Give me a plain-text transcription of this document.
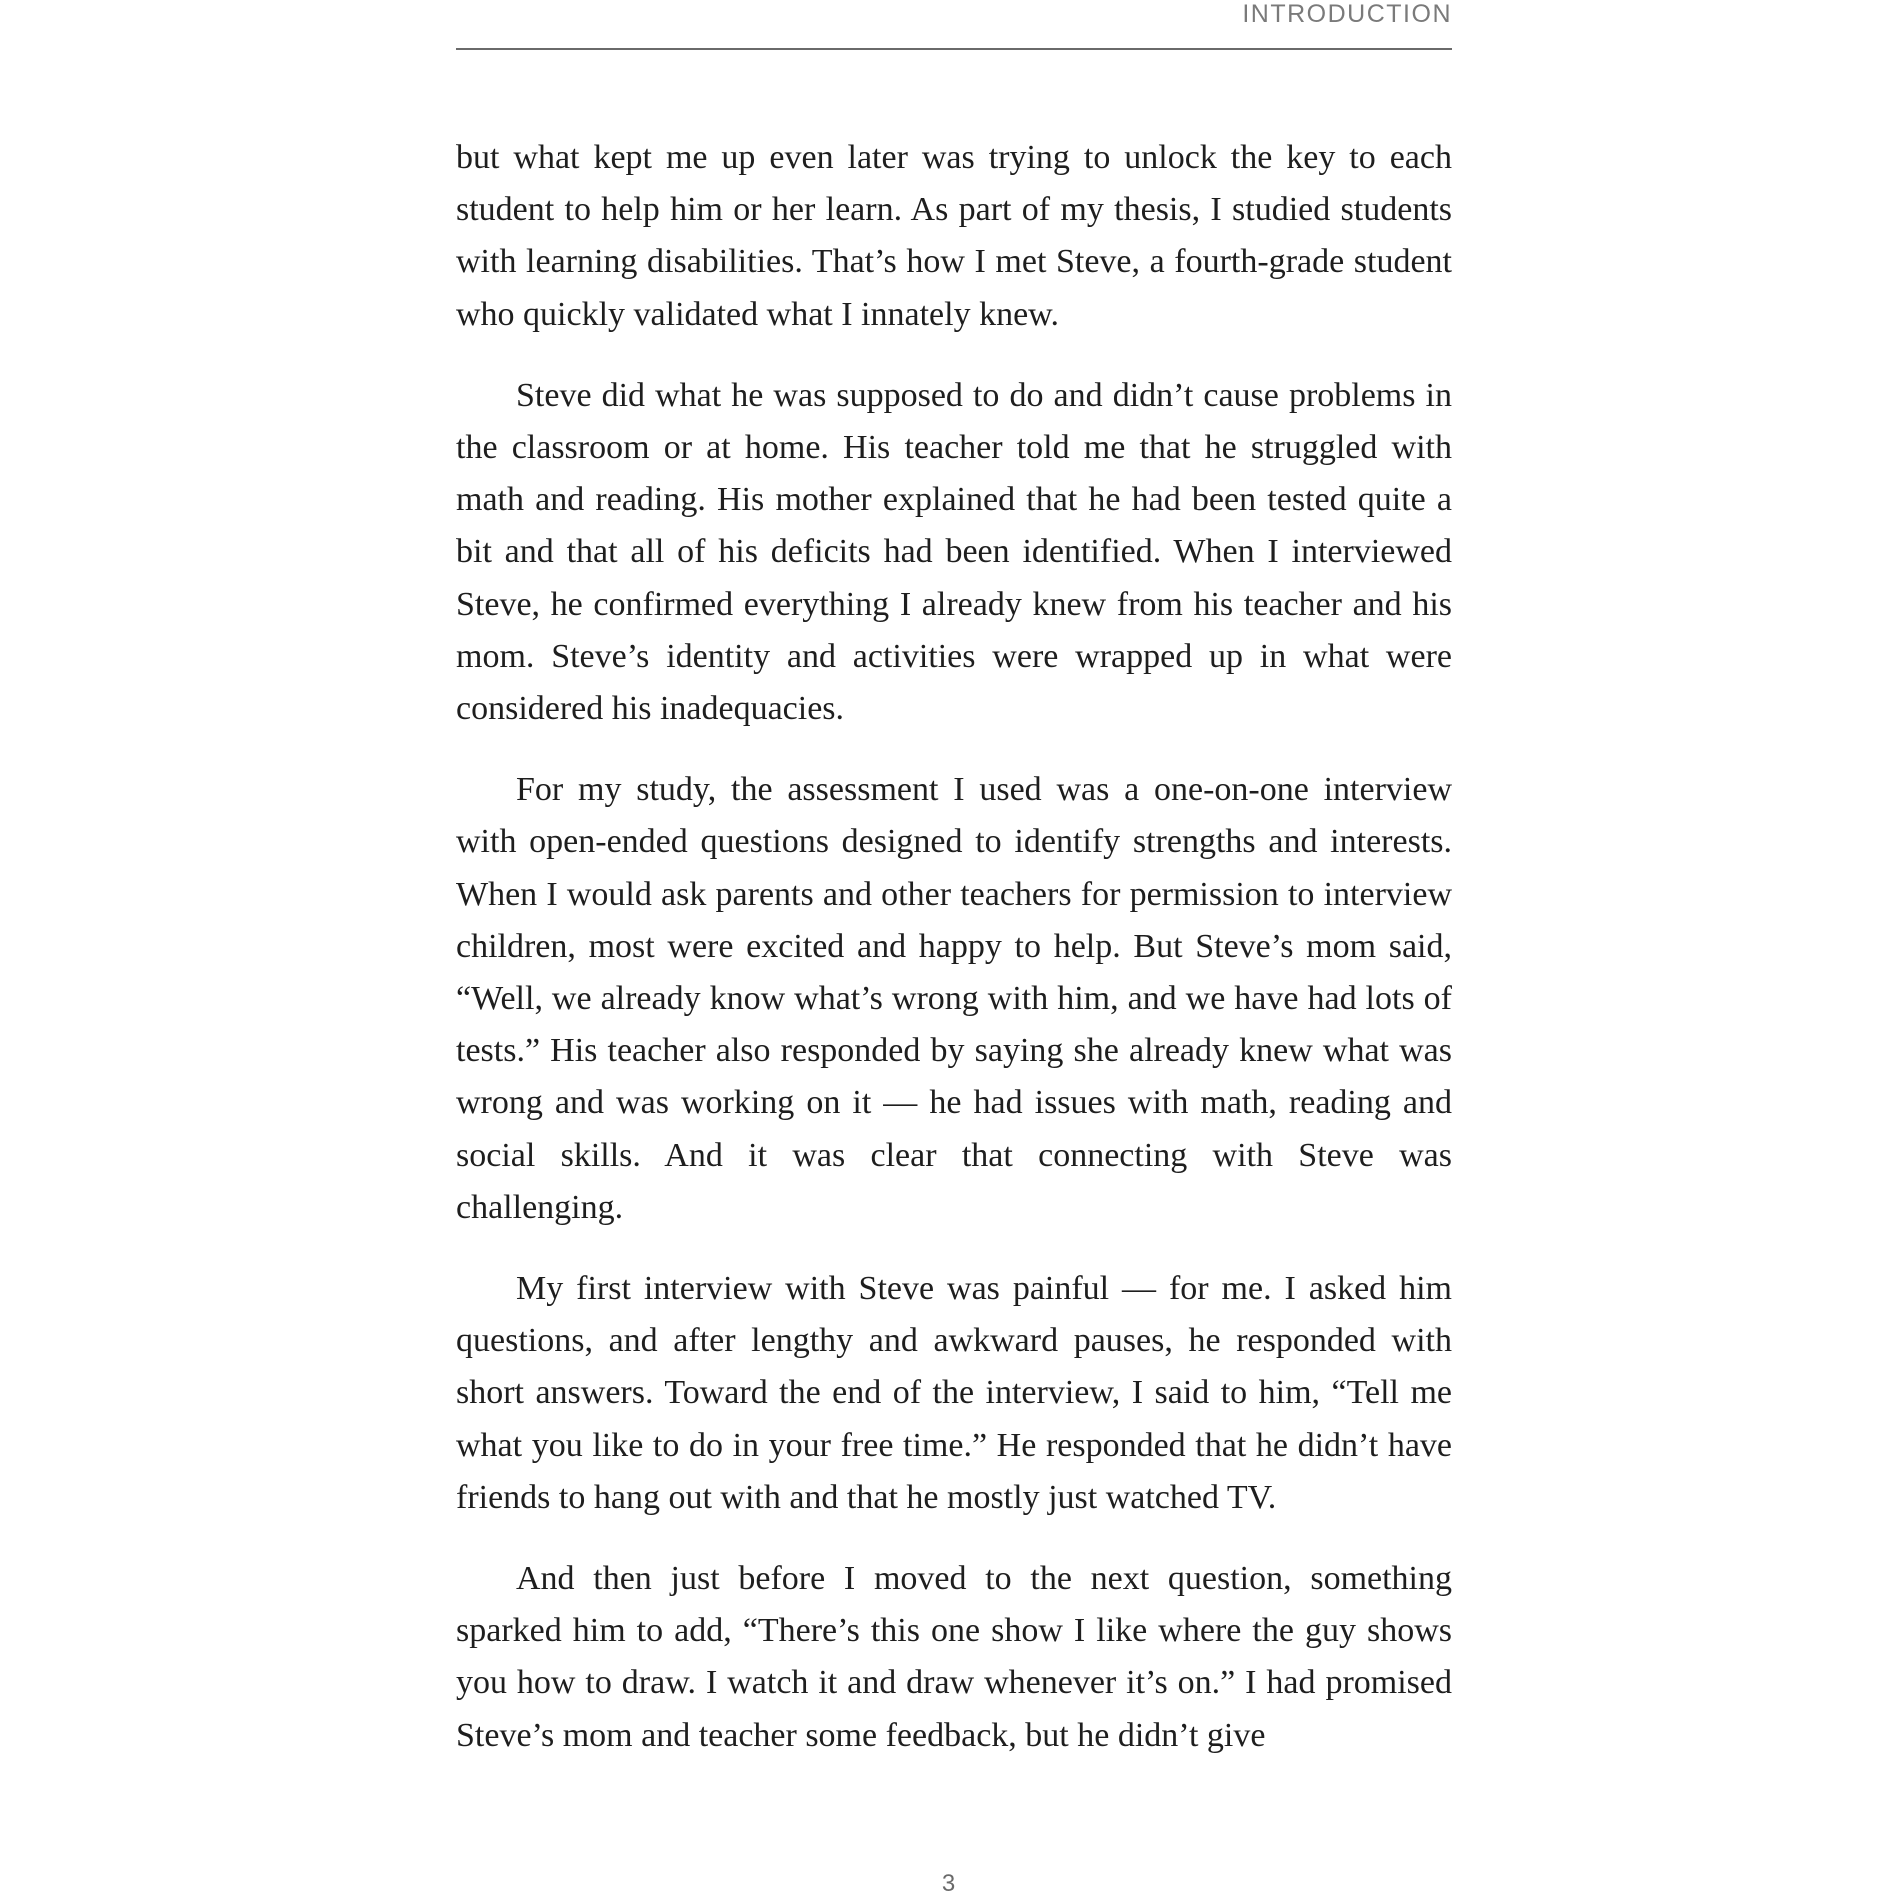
INTRODUCTION

but what kept me up even later was trying to unlock the key to each student to help him or her learn. As part of my thesis, I studied students with learning disabilities. That’s how I met Steve, a fourth-grade student who quickly validated what I innately knew.

Steve did what he was supposed to do and didn’t cause problems in the classroom or at home. His teacher told me that he struggled with math and reading. His mother explained that he had been tested quite a bit and that all of his deficits had been identified. When I interviewed Steve, he confirmed everything I already knew from his teacher and his mom. Steve’s identity and activities were wrapped up in what were considered his inadequacies.

For my study, the assessment I used was a one-on-one interview with open-ended questions designed to identify strengths and interests. When I would ask parents and other teachers for permission to interview children, most were excited and happy to help. But Steve’s mom said, “Well, we already know what’s wrong with him, and we have had lots of tests.” His teacher also responded by saying she already knew what was wrong and was working on it — he had issues with math, reading and social skills. And it was clear that connecting with Steve was challenging.

My first interview with Steve was painful — for me. I asked him questions, and after lengthy and awkward pauses, he responded with short answers. Toward the end of the interview, I said to him, “Tell me what you like to do in your free time.” He responded that he didn’t have friends to hang out with and that he mostly just watched TV.

And then just before I moved to the next question, something sparked him to add, “There’s this one show I like where the guy shows you how to draw. I watch it and draw whenever it’s on.” I had promised Steve’s mom and teacher some feedback, but he didn’t give

3
